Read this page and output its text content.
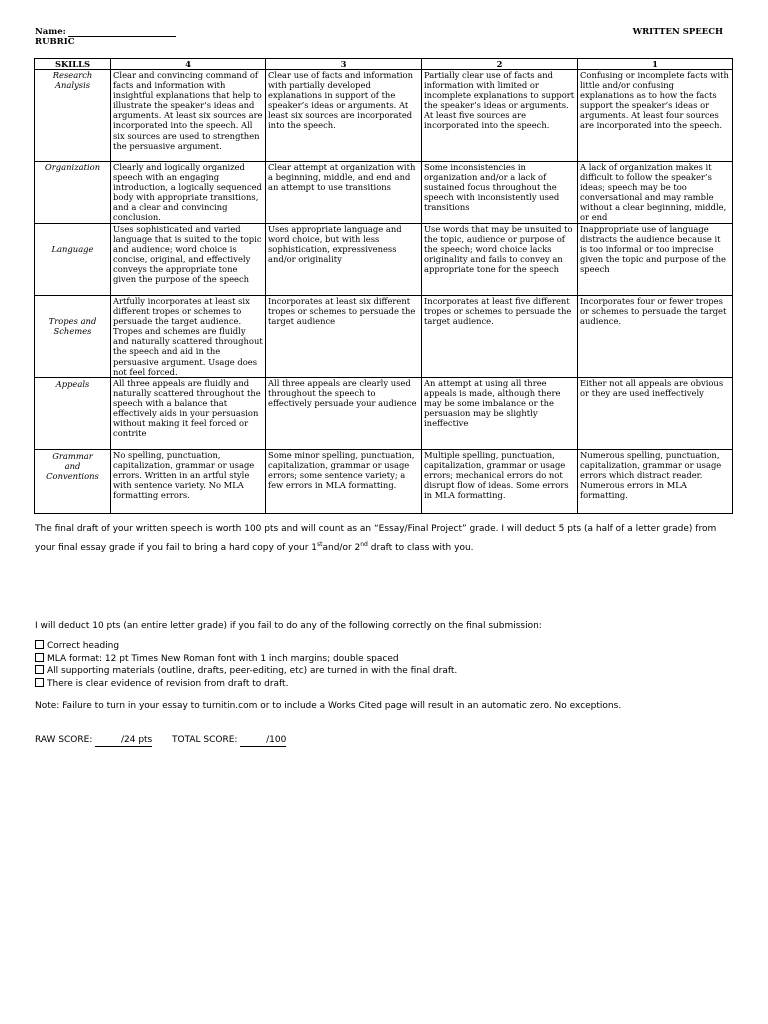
Name:
RUBRIC
WRITTEN SPEECH
SKILLS	4	3	2	1
Research Analysis	Clear and convincing command of facts and information with insightful explanations that help to illustrate the speaker’s ideas and arguments. At least six sources are incorporated into the speech. All six sources are used to strengthen the persuasive argument.	Clear use of facts and information with partially developed explanations in support of the speaker’s ideas or arguments. At least six sources are incorporated into the speech.	Partially clear use of facts and information with limited or incomplete explanations to support the speaker’s ideas or arguments. At least five sources are incorporated into the speech.	Confusing or incomplete facts with little and/or confusing explanations as to how the facts support the speaker’s ideas or arguments. At least four sources are incorporated into the speech.
Organization	Clearly and logically organized speech with an engaging introduction, a logically sequenced body with appropriate transitions, and a clear and convincing conclusion.	Clear attempt at organization with a beginning, middle, and end and an attempt to use transitions	Some inconsistencies in organization and/or a lack of sustained focus throughout the speech with inconsistently used transitions	A lack of organization makes it difficult to follow the speaker’s ideas; speech may be too conversational and may ramble without a clear beginning, middle, or end
Language	Uses sophisticated and varied language that is suited to the topic and audience; word choice is concise, original, and effectively conveys the appropriate tone given the purpose of the speech	Uses appropriate language and word choice, but with less sophistication, expressiveness and/or originality	Use words that may be unsuited to the topic, audience or purpose of the speech; word choice lacks originality and fails to convey an appropriate tone for the speech	Inappropriate use of language distracts the audience because it is too informal or too imprecise given the topic and purpose of the speech
Tropes and Schemes	Artfully incorporates at least six different tropes or schemes to persuade the target audience. Tropes and schemes are fluidly and naturally scattered throughout the speech and aid in the persuasive argument. Usage does not feel forced.	Incorporates at least six different tropes or schemes to persuade the target audience	Incorporates at least five different tropes or schemes to persuade the target audience.	Incorporates four or fewer tropes or schemes to persuade the target audience.
Appeals	All three appeals are fluidly and naturally scattered throughout the speech with a balance that effectively aids in your persuasion without making it feel forced or contrite	All three appeals are clearly used throughout the speech to effectively persuade your audience	An attempt at using all three appeals is made, although there may be some imbalance or the persuasion may be slightly ineffective	Either not all appeals are obvious or they are used ineffectively
Grammar and Conventions	No spelling, punctuation, capitalization, grammar or usage errors. Written in an artful style with sentence variety. No MLA formatting errors.	Some minor spelling, punctuation, capitalization, grammar or usage errors; some sentence variety; a few errors in MLA formatting.	Multiple spelling, punctuation, capitalization, grammar or usage errors; mechanical errors do not disrupt flow of ideas. Some errors in MLA formatting.	Numerous spelling, punctuation, capitalization, grammar or usage errors which distract reader. Numerous errors in MLA formatting.
The final draft of your written speech is worth 100 pts and will count as an “Essay/Final Project” grade. I will deduct 5 pts (a half of a letter grade) from your final essay grade if you fail to bring a hard copy of your 1stand/or 2nd draft to class with you.
I will deduct 10 pts (an entire letter grade) if you fail to do any of the following correctly on the final submission:
Correct heading
MLA format: 12 pt Times New Roman font with 1 inch margins; double spaced
All supporting materials (outline, drafts, peer-editing, etc) are turned in with the final draft.
There is clear evidence of revision from draft to draft.
Note: Failure to turn in your essay to turnitin.com or to include a Works Cited page will result in an automatic zero. No exceptions.
RAW SCORE:	/24 pts TOTAL SCORE:	/100
